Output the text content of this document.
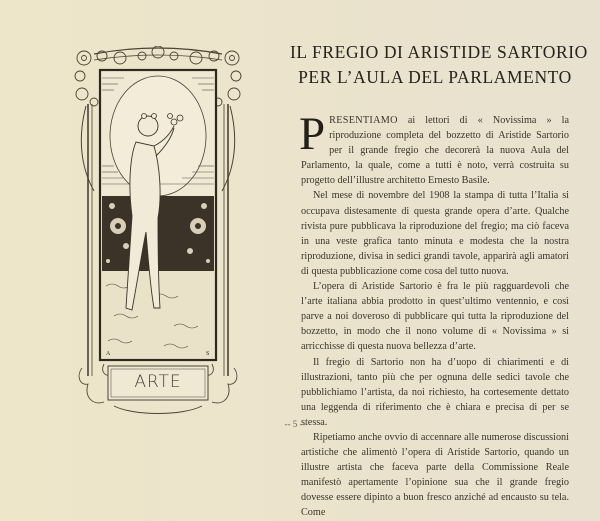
A	S
ARTE
IL FREGIO DI ARISTIDE SARTORIO
PER L’AULA DEL PARLAMENTO

PRESENTIAMO ai lettori di « Novissima » la riproduzione completa del bozzetto di Aristide Sartorio per il grande fregio che decorerà la nuova Aula del Parlamento, la quale, come a tutti è noto, verrà costruita su progetto dell’illustre architetto Ernesto Basile.

Nel mese di novembre del 1908 la stampa di tutta l’Italia si occupava distesamente di questa grande opera d’arte. Qualche rivista pure pubblicava la riproduzione del fregio; ma ciò faceva in una veste grafica tanto minuta e modesta che la nostra riproduzione, divisa in sedici grandi tavole, apparirà agli amatori di questa pubblicazione come cosa del tutto nuova.

L’opera di Aristide Sartorio è fra le più ragguardevoli che l’arte italiana abbia prodotto in quest’ultimo ventennio, e così parve a noi doveroso di pubblicare qui tutta la riproduzione del bozzetto, in modo che il nono volume di « Novissima » si arricchisse di questa nuova bellezza d’arte.

Il fregio di Sartorio non ha d’uopo di chiarimenti e di illustrazioni, tanto più che per ognuna delle sedici tavole che pubblichiamo l’artista, da noi richiesto, ha cortesemente dettato una leggenda di riferimento che è chiara e precisa di per se stessa.

Ripetiamo anche ovvio di accennare alle numerose discussioni artistiche che alimentò l’opera di Aristide Sartorio, quando un illustre artista che faceva parte della Commissione Reale manifestò apertamente l’opinione sua che il grande fregio dovesse essere dipinto a buon fresco anziché ad encausto su tela. Come

-- 5 --
